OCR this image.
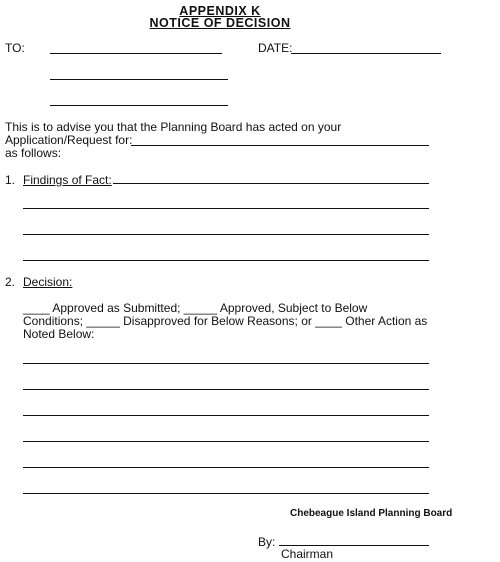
APPENDIX K
NOTICE OF DECISION
TO:	DATE:
This is to advise you that the Planning Board has acted on your
Application/Request for:
as follows:
1. Findings of Fact:
2. Decision:
____ Approved as Submitted; _____ Approved, Subject to Below
Conditions; _____ Disapproved for Below Reasons; or ____ Other Action as
Noted Below:
Chebeague Island Planning Board
By:
Chairman
